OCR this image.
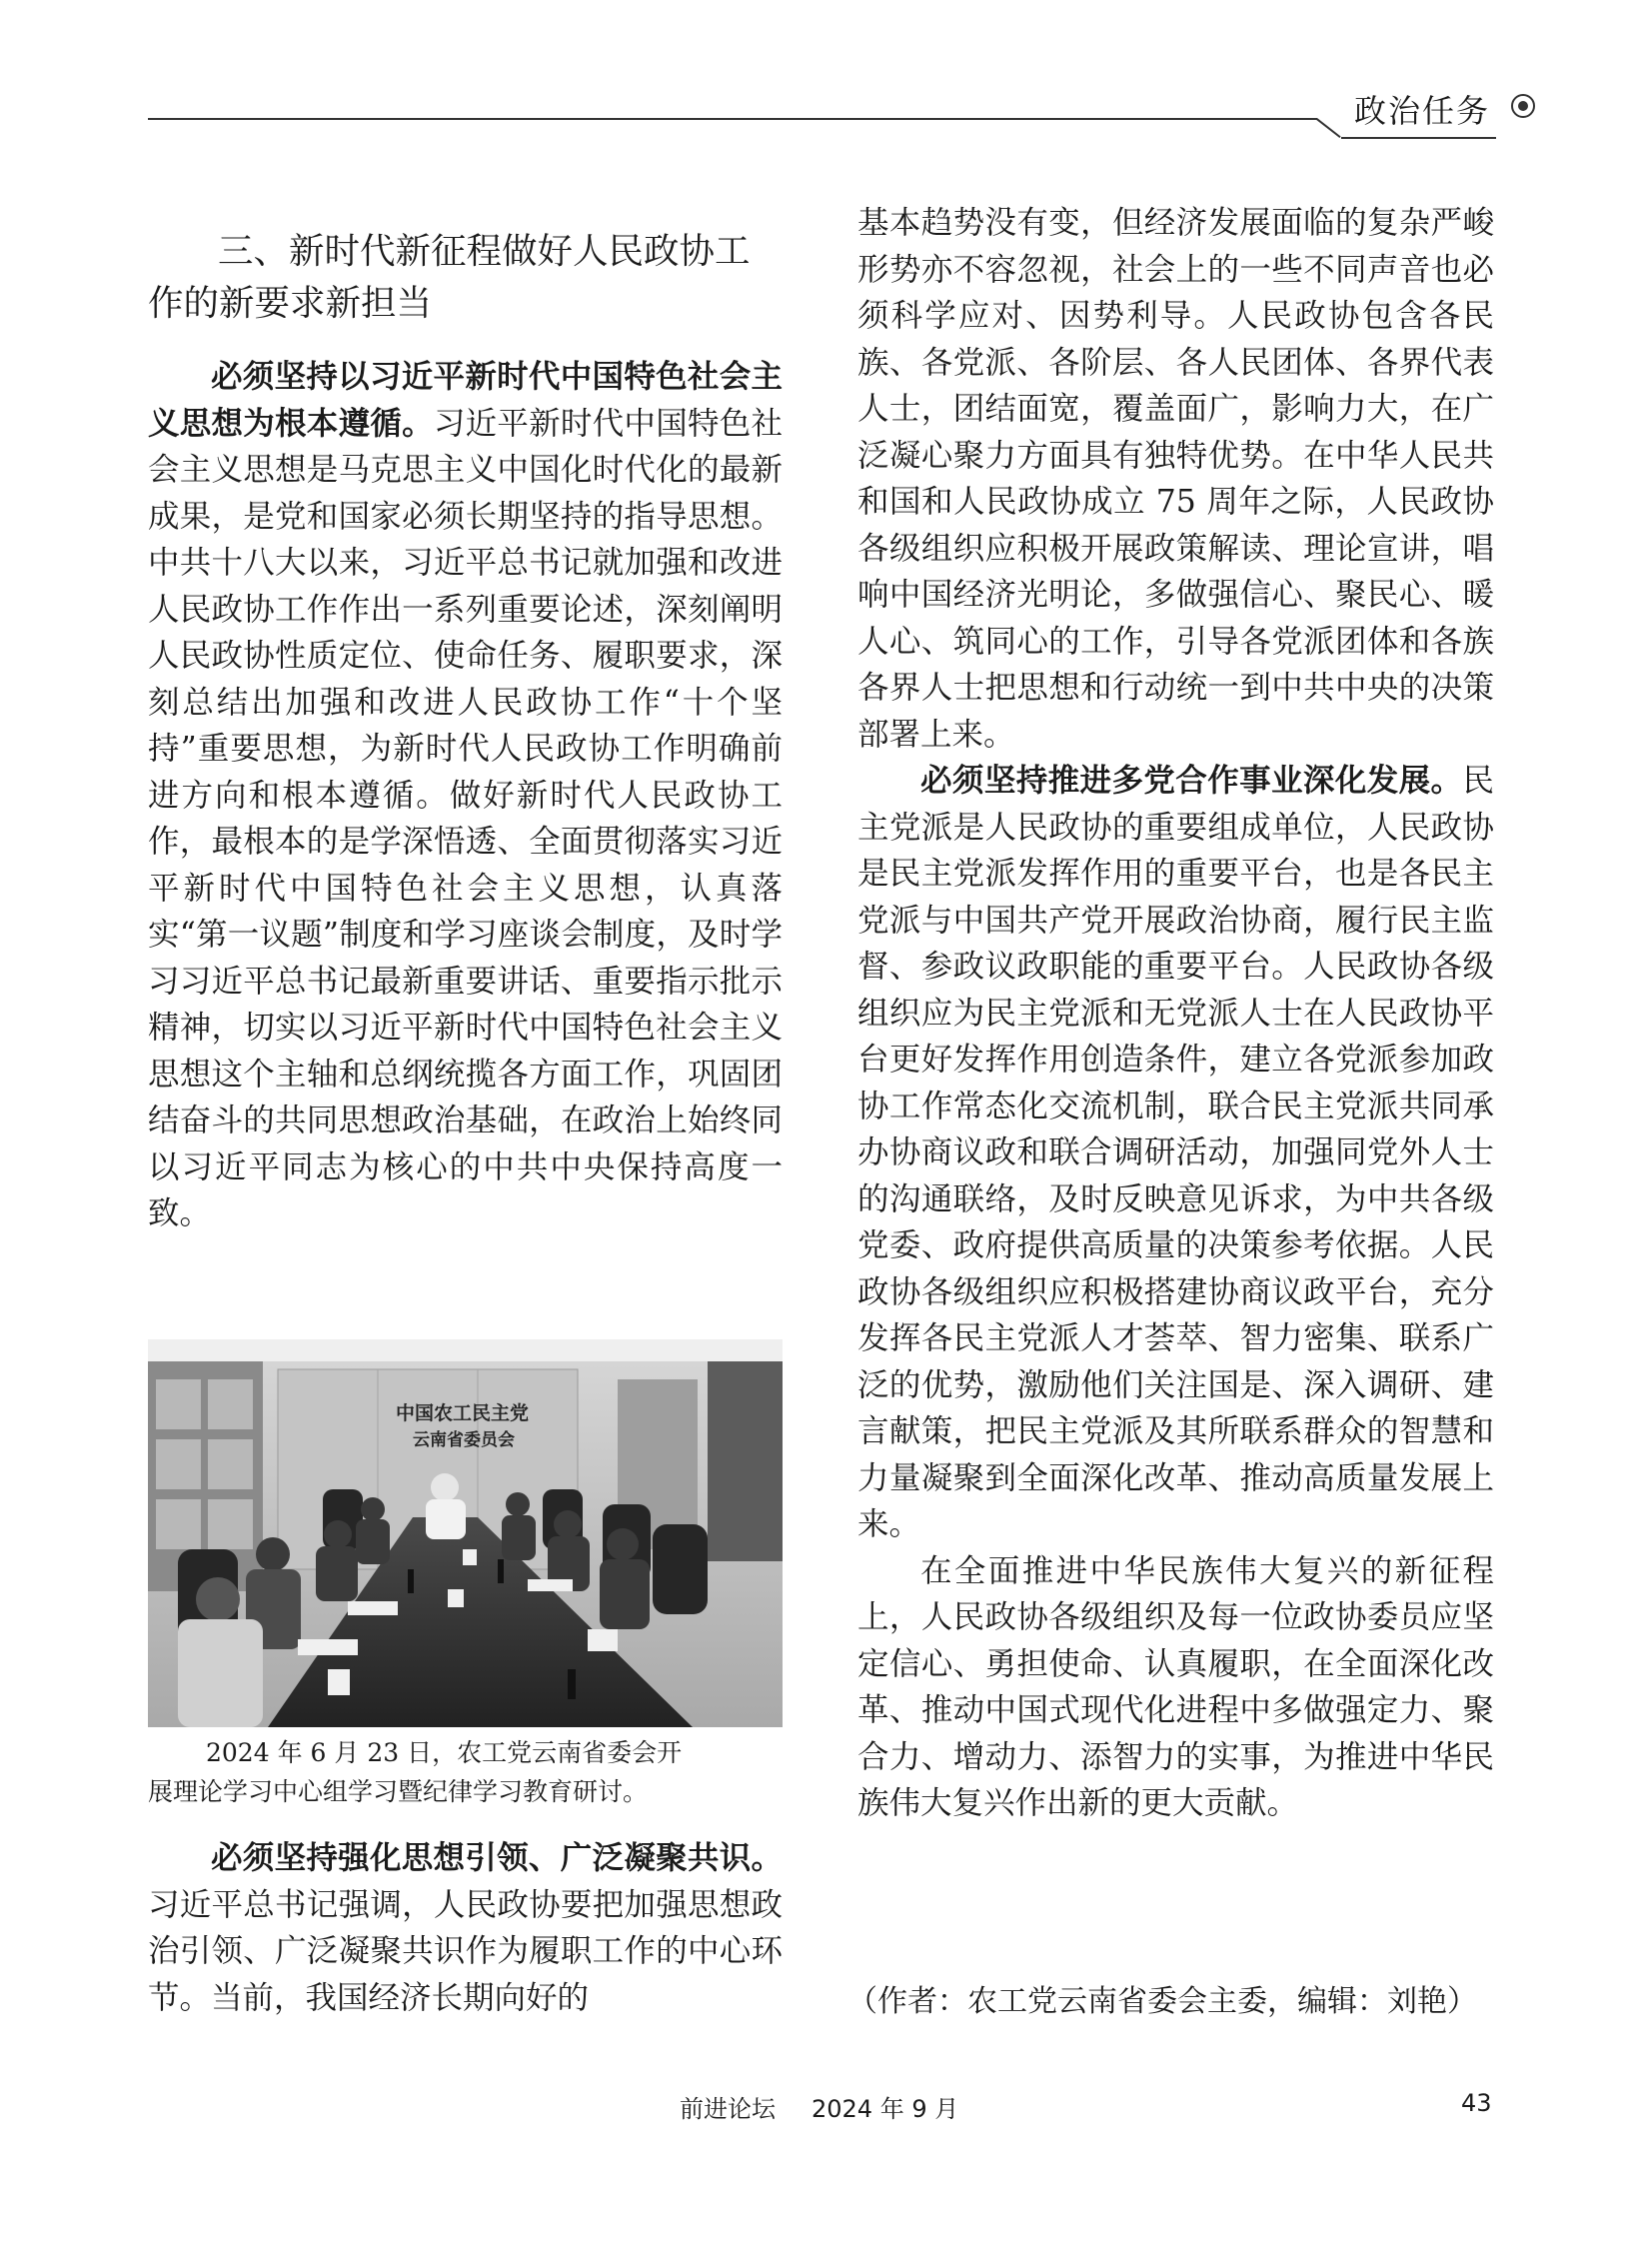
政治任务
三、新时代新征程做好人民政协工
作的新要求新担当

必须坚持以习近平新时代中国特色社会主义思想为根本遵循。习近平新时代中国特色社会主义思想是马克思主义中国化时代化的最新成果，是党和国家必须长期坚持的指导思想。中共十八大以来，习近平总书记就加强和改进人民政协工作作出一系列重要论述，深刻阐明人民政协性质定位、使命任务、履职要求，深刻总结出加强和改进人民政协工作“十个坚持”重要思想，为新时代人民政协工作明确前进方向和根本遵循。做好新时代人民政协工作，最根本的是学深悟透、全面贯彻落实习近平新时代中国特色社会主义思想，认真落实“第一议题”制度和学习座谈会制度，及时学习习近平总书记最新重要讲话、重要指示批示精神，切实以习近平新时代中国特色社会主义思想这个主轴和总纲统揽各方面工作，巩固团结奋斗的共同思想政治基础，在政治上始终同以习近平同志为核心的中共中央保持高度一致。

中国农工民主党
云南省委员会
2024 年 6 月 23 日，农工党云南省委会开
展理论学习中心组学习暨纪律学习教育研讨。

必须坚持强化思想引领、广泛凝聚共识。习近平总书记强调，人民政协要把加强思想政治引领、广泛凝聚共识作为履职工作的中心环节。当前，我国经济长期向好的

基本趋势没有变，但经济发展面临的复杂严峻形势亦不容忽视，社会上的一些不同声音也必须科学应对、因势利导。人民政协包含各民族、各党派、各阶层、各人民团体、各界代表人士，团结面宽，覆盖面广，影响力大，在广泛凝心聚力方面具有独特优势。在中华人民共和国和人民政协成立 75 周年之际，人民政协各级组织应积极开展政策解读、理论宣讲，唱响中国经济光明论，多做强信心、聚民心、暖人心、筑同心的工作，引导各党派团体和各族各界人士把思想和行动统一到中共中央的决策部署上来。

必须坚持推进多党合作事业深化发展。民主党派是人民政协的重要组成单位，人民政协是民主党派发挥作用的重要平台，也是各民主党派与中国共产党开展政治协商，履行民主监督、参政议政职能的重要平台。人民政协各级组织应为民主党派和无党派人士在人民政协平台更好发挥作用创造条件，建立各党派参加政协工作常态化交流机制，联合民主党派共同承办协商议政和联合调研活动，加强同党外人士的沟通联络，及时反映意见诉求，为中共各级党委、政府提供高质量的决策参考依据。人民政协各级组织应积极搭建协商议政平台，充分发挥各民主党派人才荟萃、智力密集、联系广泛的优势，激励他们关注国是、深入调研、建言献策，把民主党派及其所联系群众的智慧和力量凝聚到全面深化改革、推动高质量发展上来。

在全面推进中华民族伟大复兴的新征程上，人民政协各级组织及每一位政协委员应坚定信心、勇担使命、认真履职，在全面深化改革、推动中国式现代化进程中多做强定力、聚合力、增动力、添智力的实事，为推进中华民族伟大复兴作出新的更大贡献。

（作者：农工党云南省委会主委，编辑：刘艳）
前进论坛 2024 年 9 月	43
